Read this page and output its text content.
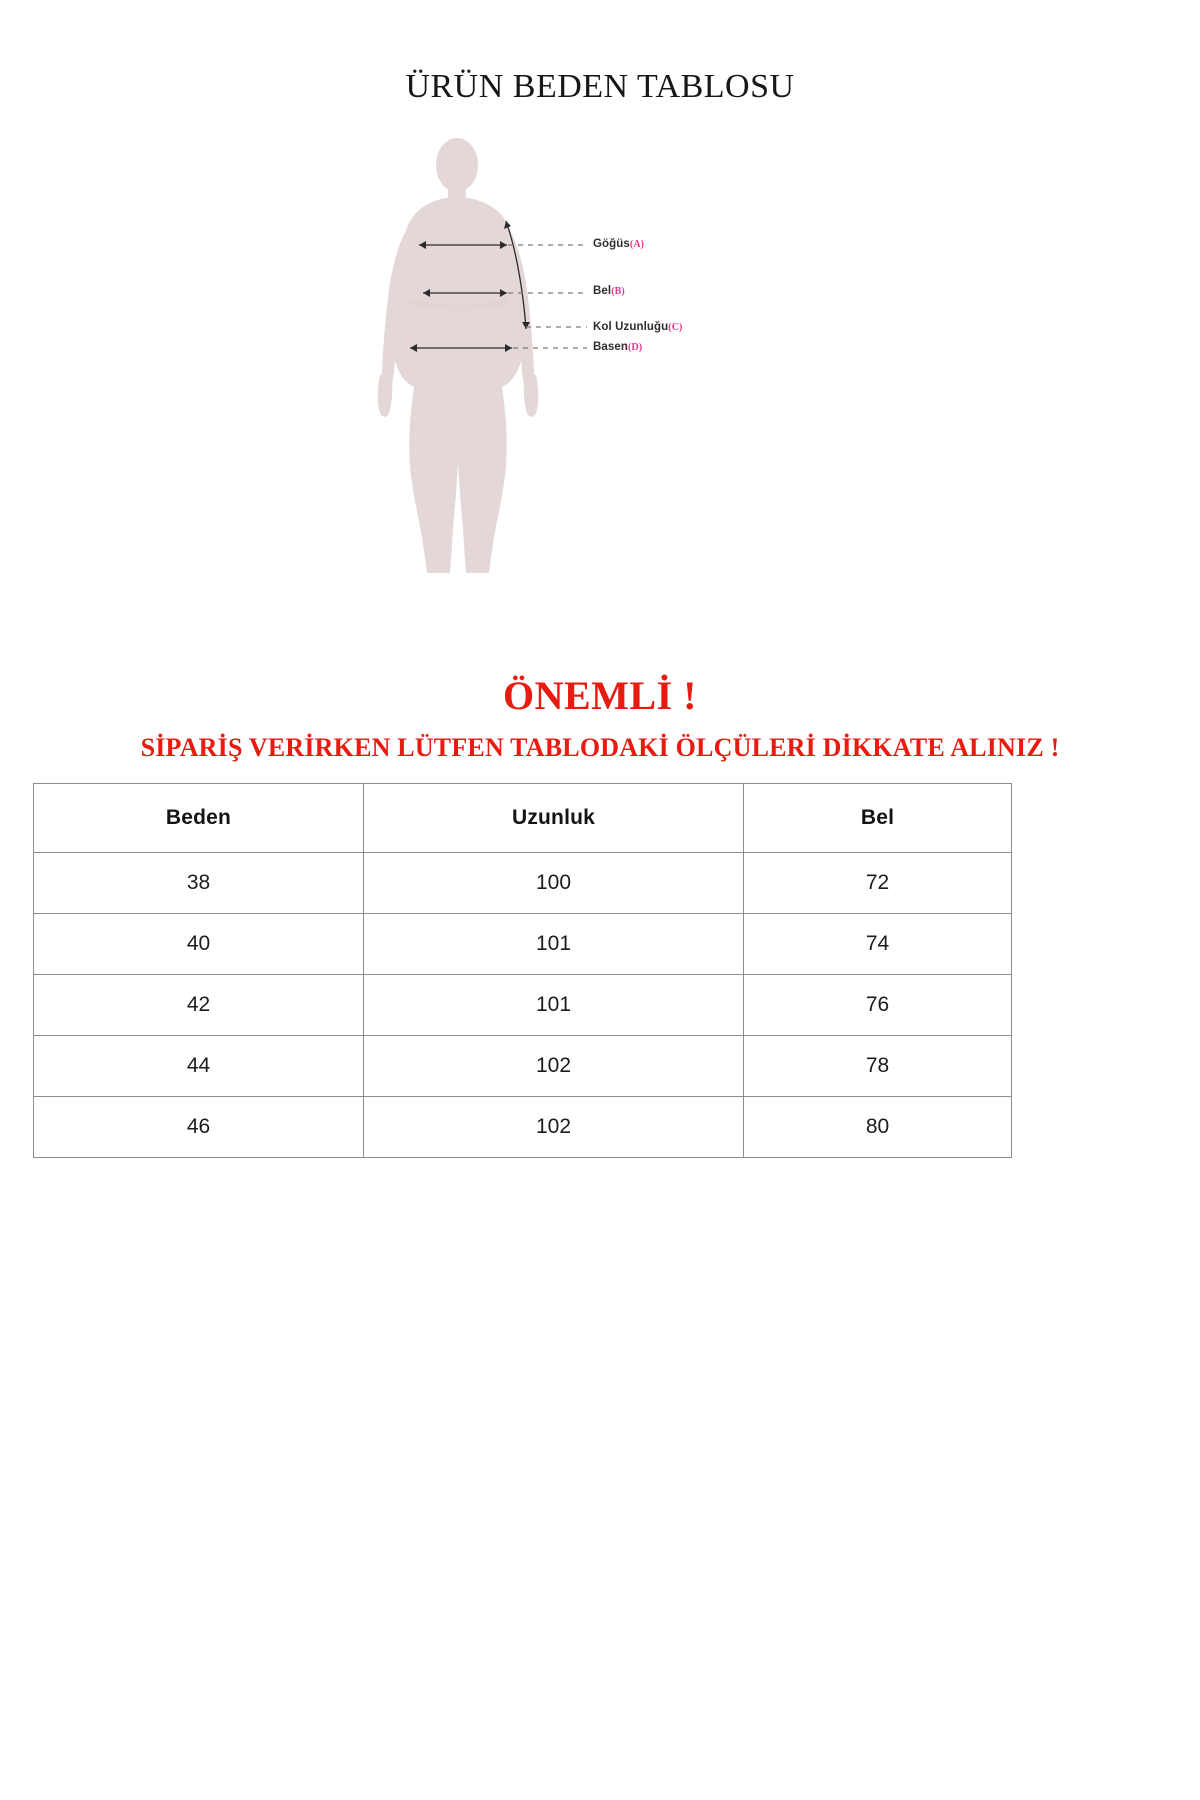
ÜRÜN BEDEN TABLOSU
Göğüs(A)
Bel(B)
Kol Uzunluğu(C)
Basen(D)
ÖNEMLİ !
SİPARİŞ VERİRKEN LÜTFEN TABLODAKİ ÖLÇÜLERİ DİKKATE ALINIZ !
Beden	Uzunluk	Bel
38	100	72
40	101	74
42	101	76
44	102	78
46	102	80
